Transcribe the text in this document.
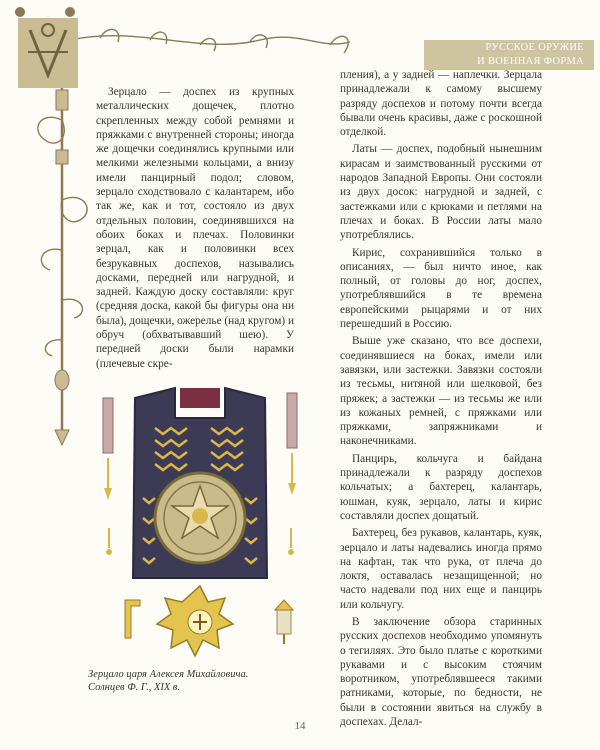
РУССКОЕ ОРУЖИЕ
И ВОЕННАЯ ФОРМА

Зерцало — доспех из крупных металлических дощечек, плотно скрепленных между собой ремнями и пряжками с внутренней стороны; иногда же дощечки соединялись крупными или мелкими железными кольцами, а внизу имели панцирный подол; словом, зерцало сходствовало с калантарем, ибо так же, как и тот, состояло из двух отдельных половин, соединявшихся на обоих боках и плечах. Половинки зерцал, как и половинки всех безрукавных доспехов, назывались досками, передней или нагрудной, и задней. Каждую доску составляли: круг (средняя доска, какой бы фигуры она ни была), дощечки, ожерелье (над кругом) и обруч (обхватывавший шею). У передней доски были нарамки (плечевые скре-

пления), а у задней — наплечки. Зерцала принадлежали к самому высшему разряду доспехов и потому почти всегда бывали очень красивы, даже с роскошной отделкой.

Латы — доспех, подобный нынешним кирасам и заимствованный русскими от народов Западной Европы. Они состояли из двух досок: нагрудной и задней, с застежками или с крюками и петлями на плечах и боках. В России латы мало употреблялись.

Кирис, сохранившийся только в описаниях, — был ничто иное, как полный, от головы до ног, доспех, употреблявшийся в те времена европейскими рыцарями и от них перешедший в Россию.

Выше уже сказано, что все доспехи, соединявшиеся на боках, имели или завязки, или застежки. Завязки состояли из тесьмы, нитяной или шелковой, без пряжек; а застежки — из тесьмы же или из кожаных ремней, с пряжками или пряжками, запряжниками и наконечниками.

Панцирь, кольчуга и байдана принадлежали к разряду доспехов кольчатых; а бахтерец, калантарь, юшман, куяк, зерцало, латы и кирис составляли доспех дощатый.

Бахтерец, без рукавов, калантарь, куяк, зерцало и латы надевались иногда прямо на кафтан, так что рука, от плеча до локтя, оставалась незащищенной; но часто надевали под них еще и панцирь или кольчугу.

В заключение обзора старинных русских доспехов необходимо упомянуть о тегиляях. Это было платье с короткими рукавами и с высоким стоячим воротником, употреблявшееся такими ратниками, которые, по бедности, не были в состоянии явиться на службу в доспехах. Делал-

Зерцало царя Алексея Михайловича.
Солнцев Ф. Г., XIX в.
14
